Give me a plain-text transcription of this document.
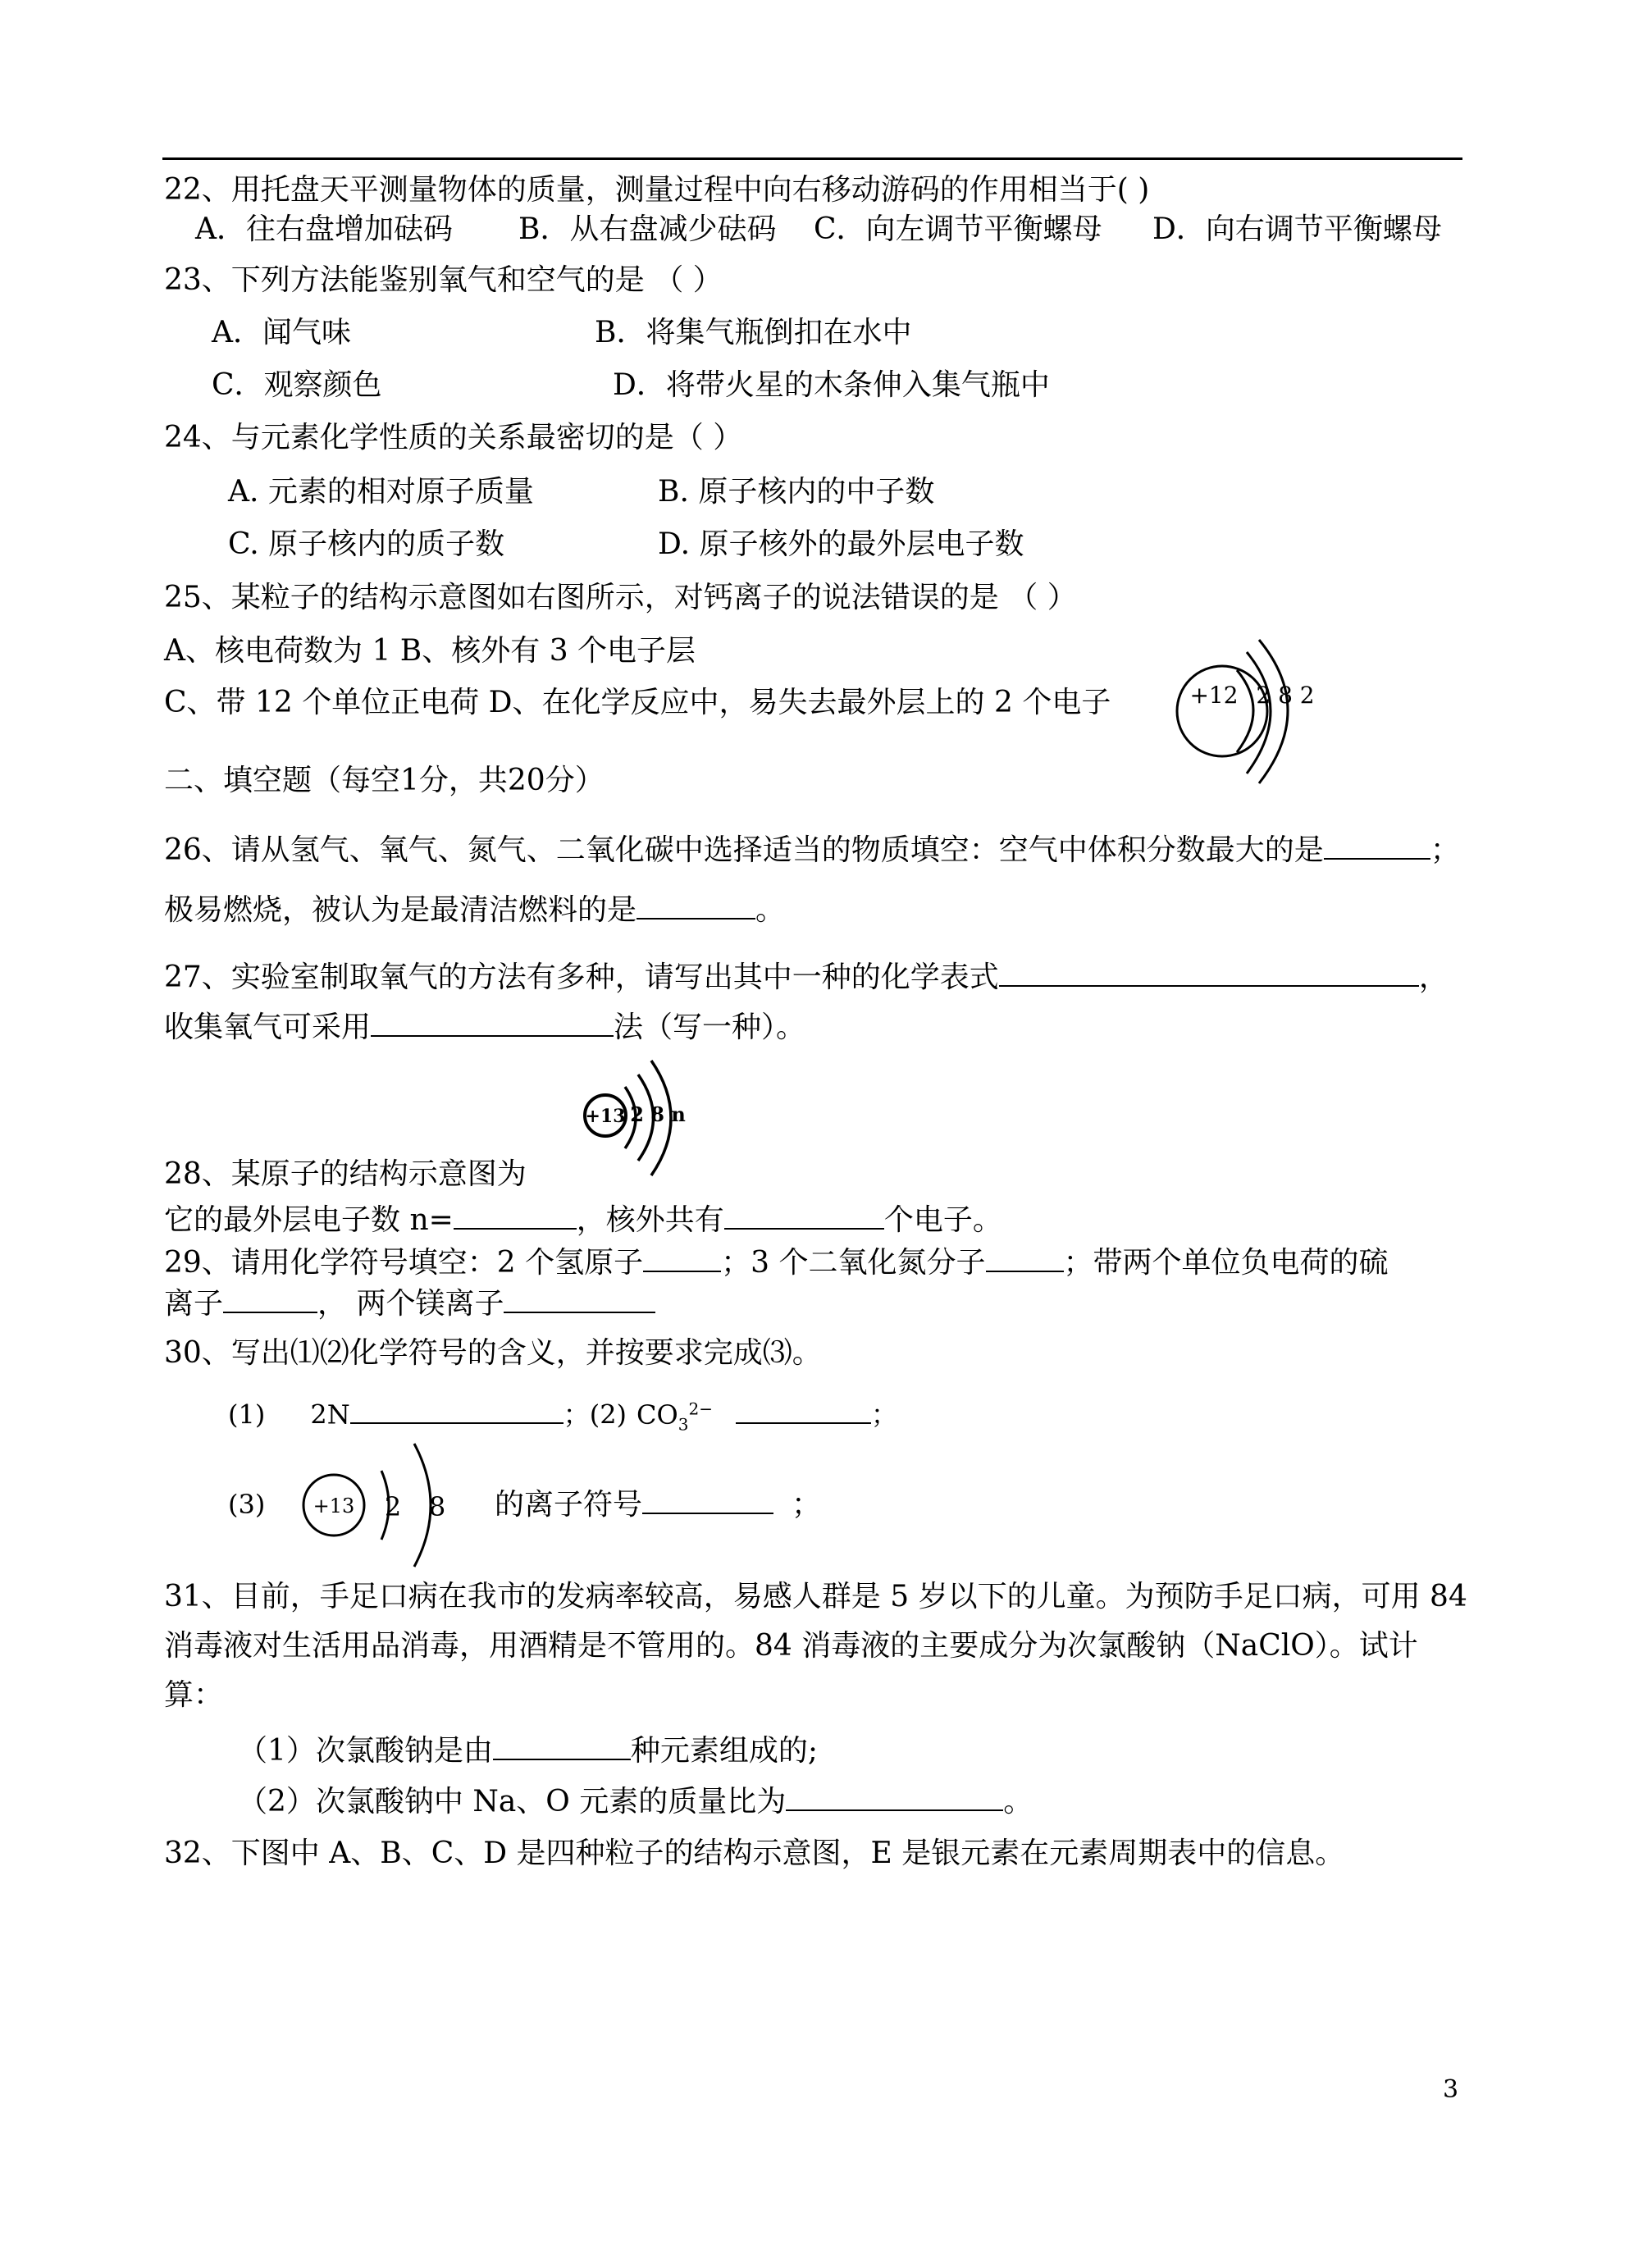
22、用托盘天平测量物体的质量，测量过程中向右移动游码的作用相当于( )
A．往右盘增加砝码 B．从右盘减少砝码 C．向左调节平衡螺母 D．向右调节平衡螺母
23、下列方法能鉴别氧气和空气的是 （ ）
A．闻气味	B．将集气瓶倒扣在水中
C．观察颜色	D．将带火星的木条伸入集气瓶中
24、与元素化学性质的关系最密切的是（ ）
A. 元素的相对原子质量	B. 原子核内的中子数
C. 原子核内的质子数	D. 原子核外的最外层电子数
25、某粒子的结构示意图如右图所示，对钙离子的说法错误的是 （ ）
A、核电荷数为 1 B、核外有 3 个电子层
C、带 12 个单位正电荷 D、在化学反应中，易失去最外层上的 2 个电子	+12 2 8 2
二、填空题（每空1分，共20分）
26、请从氢气、氧气、氮气、二氧化碳中选择适当的物质填空：空气中体积分数最大的是	；
极易燃烧，被认为是最清洁燃料的是	。
27、实验室制取氧气的方法有多种，请写出其中一种的化学表式	，
收集氧气可采用	法（写一种）。
+13 2 8 n
28、某原子的结构示意图为
它的最外层电子数 n=	，核外共有	个电子。
29、请用化学符号填空：2 个氢原子	；3 个二氧化氮分子	；带两个单位负电荷的硫
离子	， 两个镁离子
30、写出⑴⑵化学符号的含义，并按要求完成⑶。
(1) 2N	；(2) $CO_3^{2-}$	；
(3) +13 2 8 的离子符号	；
31、目前，手足口病在我市的发病率较高，易感人群是 5 岁以下的儿童。为预防手足口病，可用 84
消毒液对生活用品消毒，用酒精是不管用的。84 消毒液的主要成分为次氯酸钠（NaClO）。试计
算：
（1）次氯酸钠是由	种元素组成的;
（2）次氯酸钠中 Na、O 元素的质量比为	。
32、下图中 A、B、C、D 是四种粒子的结构示意图，E 是银元素在元素周期表中的信息。
3
